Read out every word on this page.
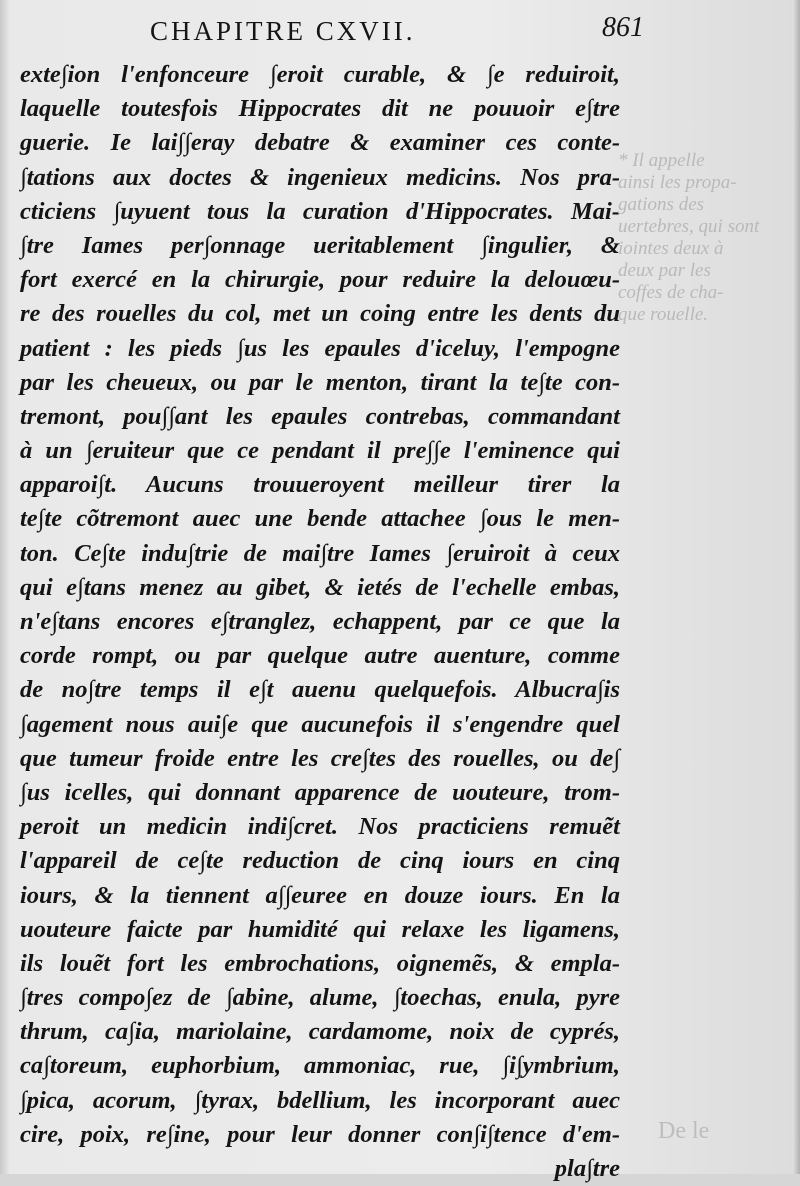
CHAPITRE CXVII.	861
exte∫ion l'enfonceure ∫eroit curable, & ∫e reduiroit,
laquelle toutesfois Hippocrates dit ne pouuoir e∫tre
guerie. Ie lai∫∫eray debatre & examiner ces conte-
∫tations aux doctes & ingenieux medicins. Nos pra-
cticiens ∫uyuent tous la curation d'Hippocrates. Mai-
∫tre Iames per∫onnage ueritablement ∫ingulier, &
fort exercé en la chirurgie, pour reduire la delouœu-
re des rouelles du col, met un coing entre les dents du
patient : les pieds ∫us les epaules d'iceluy, l'empogne
par les cheueux, ou par le menton, tirant la te∫te con-
tremont, pou∫∫ant les epaules contrebas, commandant
à un ∫eruiteur que ce pendant il pre∫∫e l'eminence qui
apparoi∫t. Aucuns trouueroyent meilleur tirer la
te∫te cõtremont auec une bende attachee ∫ous le men-
ton. Ce∫te indu∫trie de mai∫tre Iames ∫eruiroit à ceux
qui e∫tans menez au gibet, & ietés de l'echelle embas,
n'e∫tans encores e∫tranglez, echappent, par ce que la
corde rompt, ou par quelque autre auenture, comme
de no∫tre temps il e∫t auenu quelquefois. Albucra∫is
∫agement nous aui∫e que aucunefois il s'engendre quel
que tumeur froide entre les cre∫tes des rouelles, ou de∫
∫us icelles, qui donnant apparence de uouteure, trom-
peroit un medicin indi∫cret. Nos practiciens remuẽt
l'appareil de ce∫te reduction de cinq iours en cinq
iours, & la tiennent a∫∫euree en douze iours. En la
uouteure faicte par humidité qui relaxe les ligamens,
ils louẽt fort les embrochations, oignemẽs, & empla-
∫tres compo∫ez de ∫abine, alume, ∫toechas, enula, pyre
thrum, ca∫ia, mariolaine, cardamome, noix de cyprés,
ca∫toreum, euphorbium, ammoniac, rue, ∫i∫ymbrium,
∫pica, acorum, ∫tyrax, bdellium, les incorporant auec
cire, poix, re∫ine, pour leur donner con∫i∫tence d'em-
pla∫tre
* Il appelle
ainsi les propa-
gations des
uertebres, qui sont
iointes deux à
deux par les
coffes de cha-
que rouelle.
De le
